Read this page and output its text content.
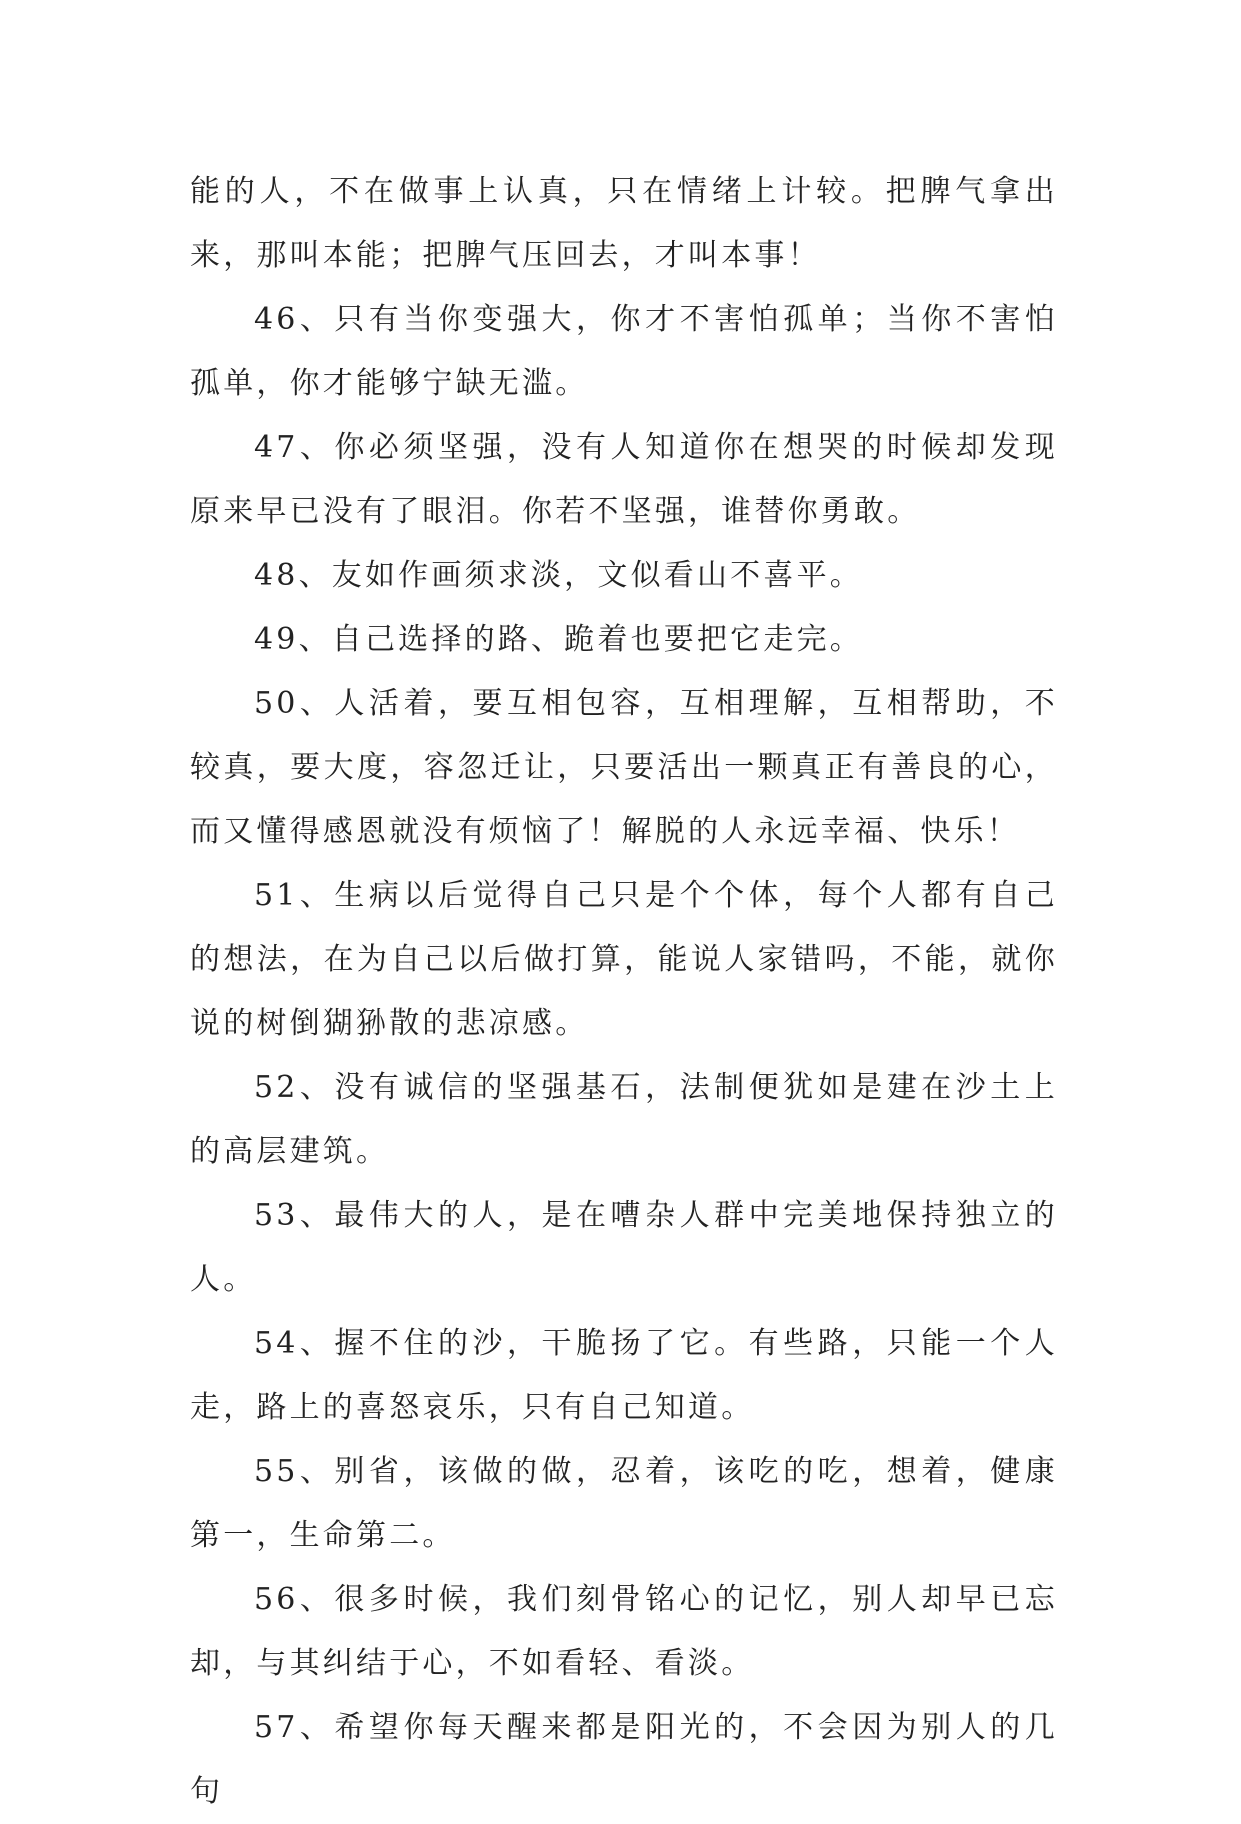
能的人，不在做事上认真，只在情绪上计较。把脾气拿出来，那叫本能；把脾气压回去，才叫本事！

46、只有当你变强大，你才不害怕孤单；当你不害怕孤单，你才能够宁缺无滥。

47、你必须坚强，没有人知道你在想哭的时候却发现原来早已没有了眼泪。你若不坚强，谁替你勇敢。

48、友如作画须求淡，文似看山不喜平。

49、自己选择的路、跪着也要把它走完。

50、人活着，要互相包容，互相理解，互相帮助，不较真，要大度，容忽迁让，只要活出一颗真正有善良的心，而又懂得感恩就没有烦恼了！解脱的人永远幸福、快乐！

51、生病以后觉得自己只是个个体，每个人都有自己的想法，在为自己以后做打算，能说人家错吗，不能，就你说的树倒猢狲散的悲凉感。

52、没有诚信的坚强基石，法制便犹如是建在沙土上的高层建筑。

53、最伟大的人，是在嘈杂人群中完美地保持独立的人。

54、握不住的沙，干脆扬了它。有些路，只能一个人走，路上的喜怒哀乐，只有自己知道。

55、别省，该做的做，忍着，该吃的吃，想着，健康第一，生命第二。

56、很多时候，我们刻骨铭心的记忆，别人却早已忘却，与其纠结于心，不如看轻、看淡。

57、希望你每天醒来都是阳光的，不会因为别人的几句
